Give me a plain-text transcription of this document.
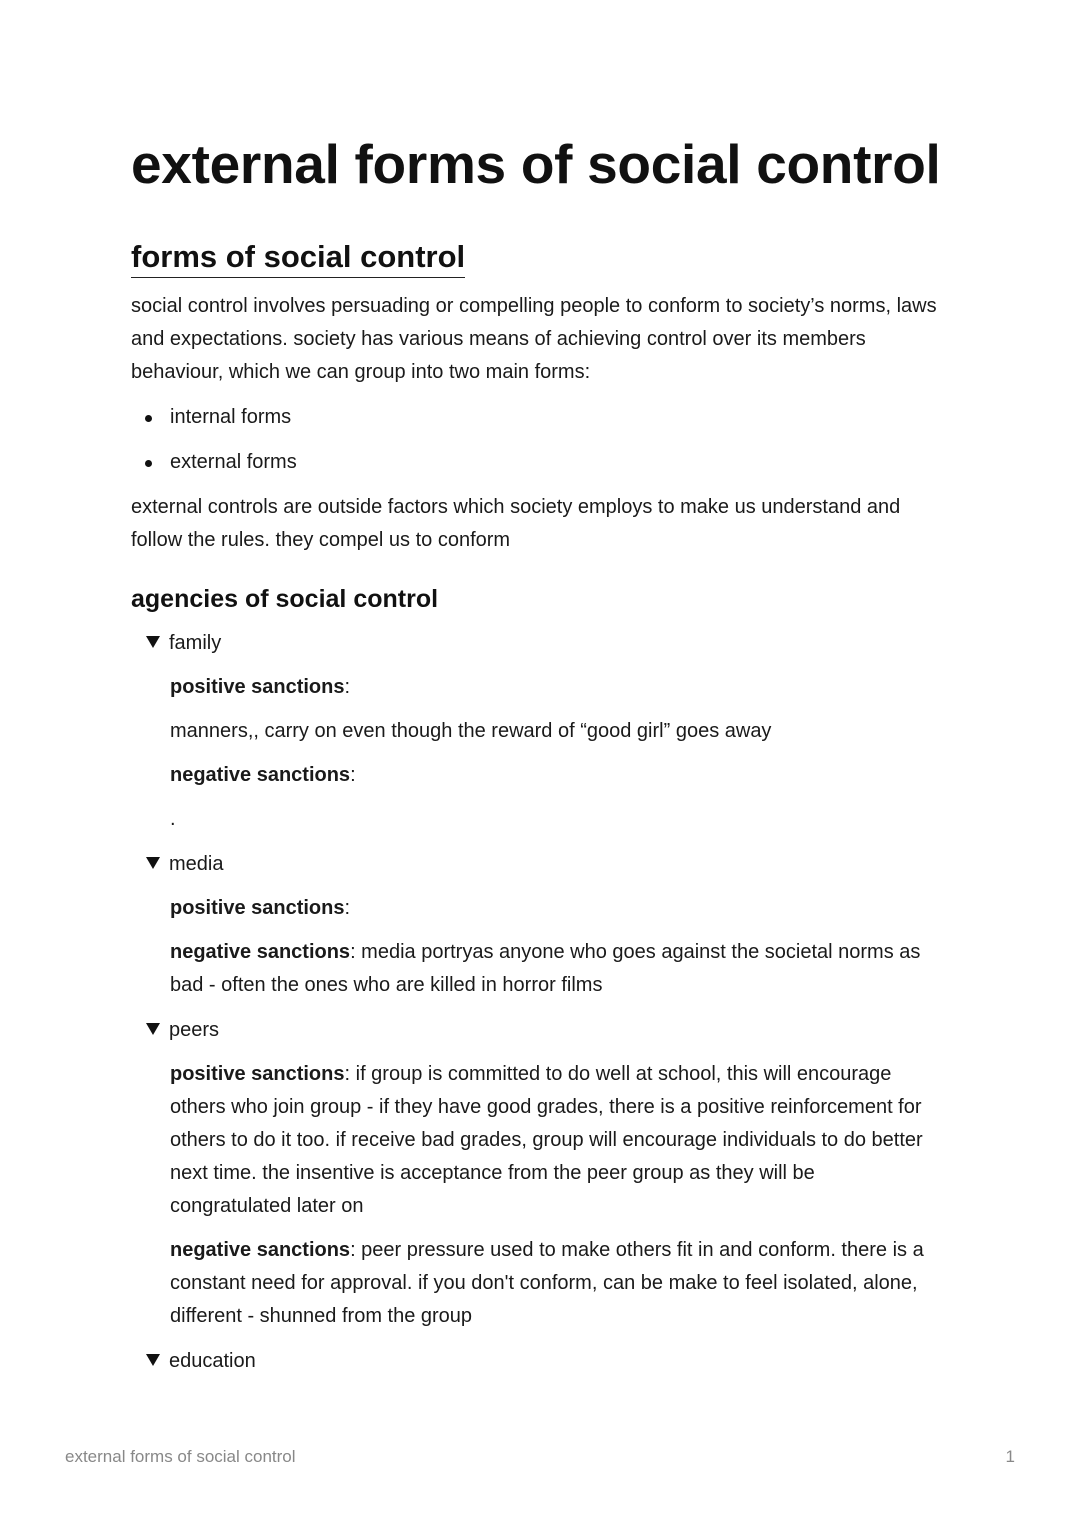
external forms of social control
forms of social control

social control involves persuading or compelling people to conform to society’s norms, laws and expectations. society has various means of achieving control over its members behaviour, which we can group into two main forms:

internal forms
external forms

external controls are outside factors which society employs to make us understand and follow the rules. they compel us to conform

agencies of social control
family

positive sanctions:

manners,, carry on even though the reward of “good girl” goes away

negative sanctions:

.

media

positive sanctions:

negative sanctions: media portryas anyone who goes against the societal norms as bad - often the ones who are killed in horror films

peers

positive sanctions: if group is committed to do well at school, this will encourage others who join group - if they have good grades, there is a positive reinforcement for others to do it too. if receive bad grades, group will encourage individuals to do better next time. the insentive is acceptance from the peer group as they will be congratulated later on

negative sanctions: peer pressure used to make others fit in and conform. there is a constant need for approval. if you don't conform, can be make to feel isolated, alone, different - shunned from the group

education
external forms of social control	1
